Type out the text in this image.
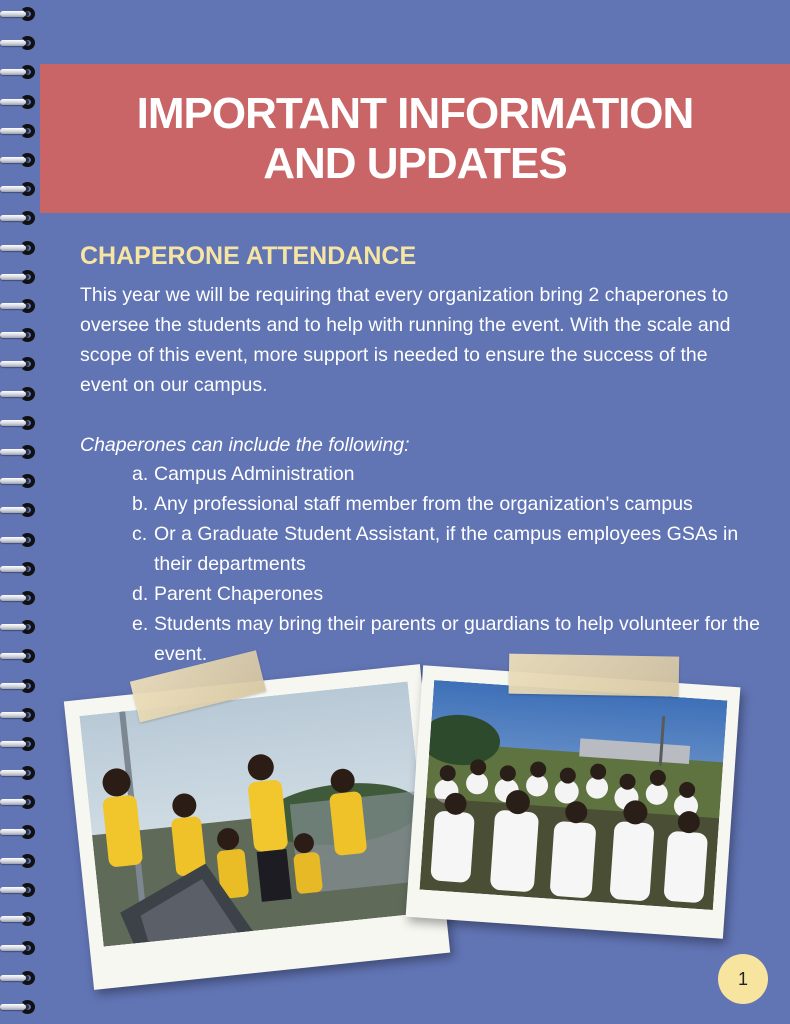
IMPORTANT INFORMATION
AND UPDATES
CHAPERONE ATTENDANCE

This year we will be requiring that every organization bring 2 chaperones to oversee the students and to help with running the event. With the scale and scope of this event, more support is needed to ensure the success of the event on our campus.

Chaperones can include the following:

a. Campus Administration
b. Any professional staff member from the organization's campus
c. Or a Graduate Student Assistant, if the campus employees GSAs in their departments
d. Parent Chaperones
e. Students may bring their parents or guardians to help volunteer for the event.
1
